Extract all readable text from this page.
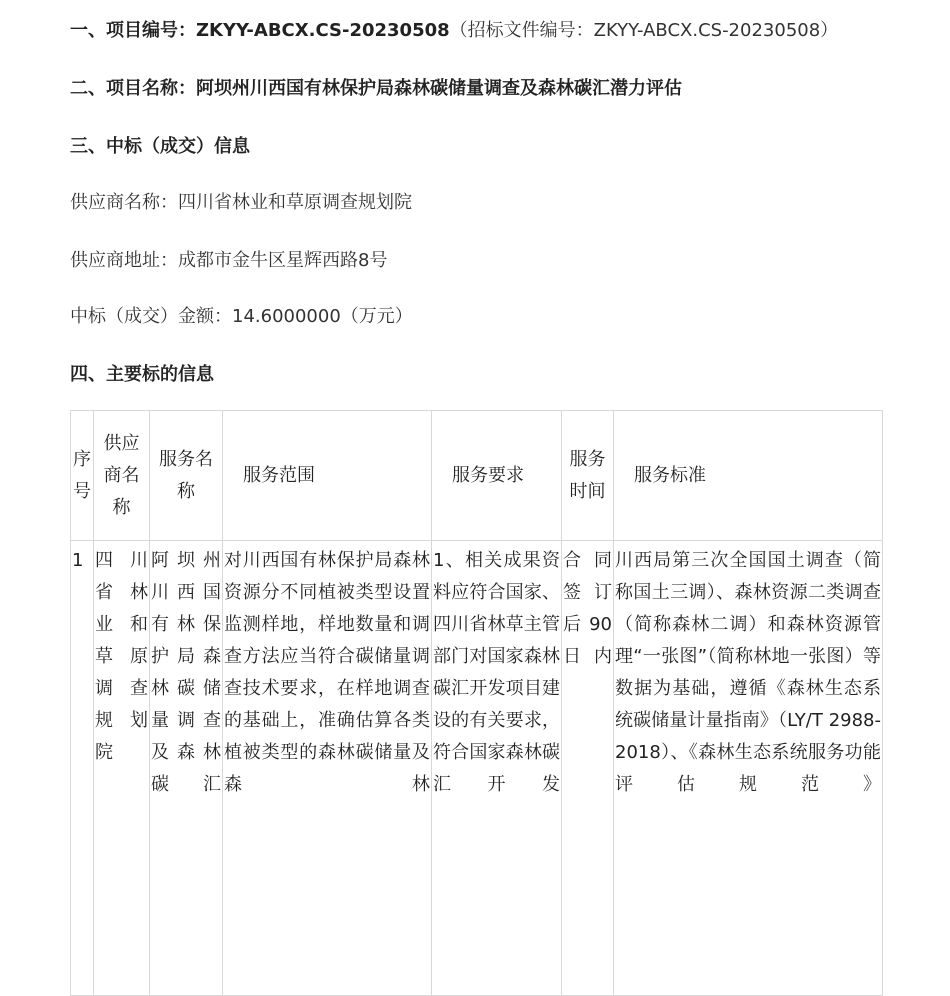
一、项目编号：ZKYY-ABCX.CS-20230508（招标文件编号：ZKYY-ABCX.CS-20230508）
二、项目名称：阿坝州川西国有林保护局森林碳储量调查及森林碳汇潜力评估
三、中标（成交）信息
供应商名称：四川省林业和草原调查规划院
供应商地址：成都市金牛区星辉西路8号
中标（成交）金额：14.6000000（万元）
四、主要标的信息
序号	供应商名称	服务名称	服务范围	服务要求	服务时间	服务标准
1	四川省林业和草原调查规划院	阿坝州川西国有林保护局森林碳储量调查及森林碳汇	对川西国有林保护局森林资源分不同植被类型设置监测样地，样地数量和调查方法应当符合碳储量调查技术要求，在样地调查的基础上，准确估算各类植被类型的森林碳储量及森林	1、相关成果资料应符合国家、四川省林草主管部门对国家森林碳汇开发项目建设的有关要求，符合国家森林碳汇开发	合同签订后90日内	川西局第三次全国国土调查（简称国土三调）、森林资源二类调查（简称森林二调）和森林资源管理“一张图”（简称林地一张图）等数据为基础，遵循《森林生态系统碳储量计量指南》（LY/T 2988-2018）、《森林生态系统服务功能评估规范》
